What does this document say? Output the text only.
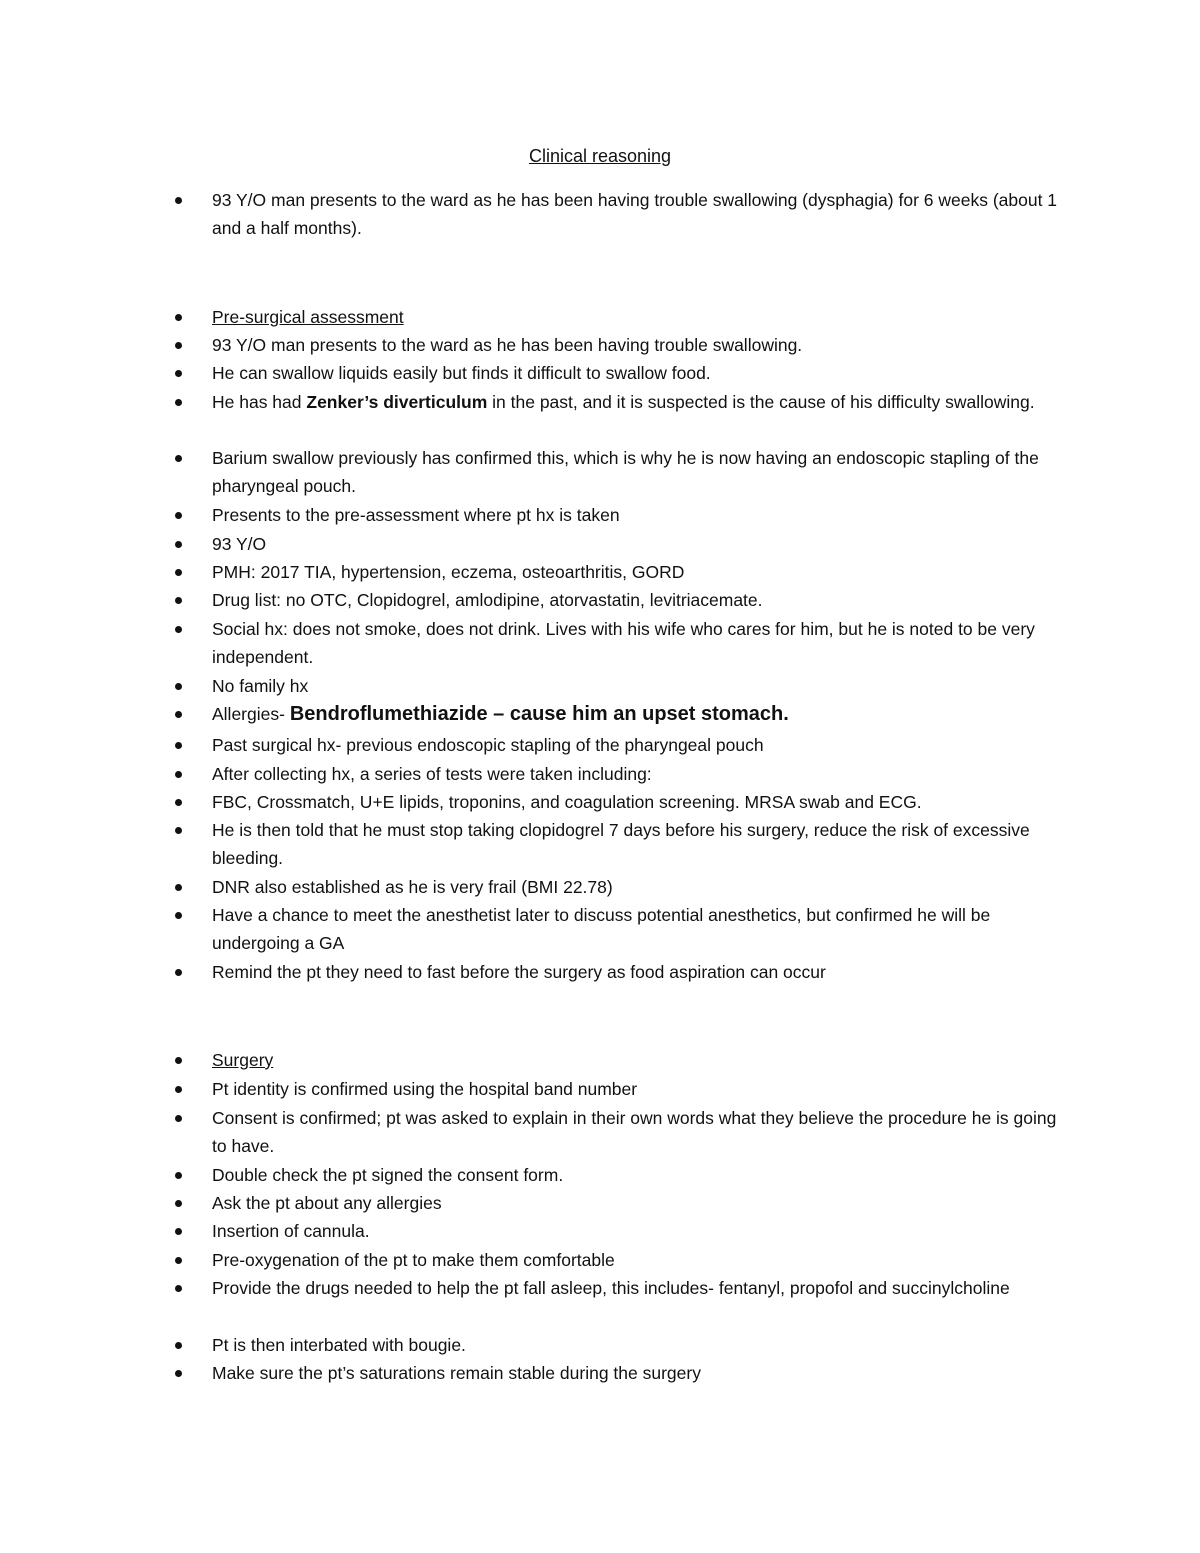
Clinical reasoning
93 Y/O man presents to the ward as he has been having trouble swallowing (dysphagia) for 6 weeks (about 1 and a half months).
Pre-surgical assessment
93 Y/O man presents to the ward as he has been having trouble swallowing.
He can swallow liquids easily but finds it difficult to swallow food.
He has had Zenker’s diverticulum in the past, and it is suspected is the cause of his difficulty swallowing.
Barium swallow previously has confirmed this, which is why he is now having an endoscopic stapling of the pharyngeal pouch.
Presents to the pre-assessment where pt hx is taken
93 Y/O
PMH: 2017 TIA, hypertension, eczema, osteoarthritis, GORD
Drug list: no OTC, Clopidogrel, amlodipine, atorvastatin, levitriacemate.
Social hx: does not smoke, does not drink. Lives with his wife who cares for him, but he is noted to be very independent.
No family hx
Allergies- Bendroflumethiazide – cause him an upset stomach.
Past surgical hx- previous endoscopic stapling of the pharyngeal pouch
After collecting hx, a series of tests were taken including:
FBC, Crossmatch, U+E lipids, troponins, and coagulation screening. MRSA swab and ECG.
He is then told that he must stop taking clopidogrel 7 days before his surgery, reduce the risk of excessive bleeding.
DNR also established as he is very frail (BMI 22.78)
Have a chance to meet the anesthetist later to discuss potential anesthetics, but confirmed he will be undergoing a GA
Remind the pt they need to fast before the surgery as food aspiration can occur
Surgery
Pt identity is confirmed using the hospital band number
Consent is confirmed; pt was asked to explain in their own words what they believe the procedure he is going to have.
Double check the pt signed the consent form.
Ask the pt about any allergies
Insertion of cannula.
Pre-oxygenation of the pt to make them comfortable
Provide the drugs needed to help the pt fall asleep, this includes- fentanyl, propofol and succinylcholine
Pt is then interbated with bougie.
Make sure the pt’s saturations remain stable during the surgery
